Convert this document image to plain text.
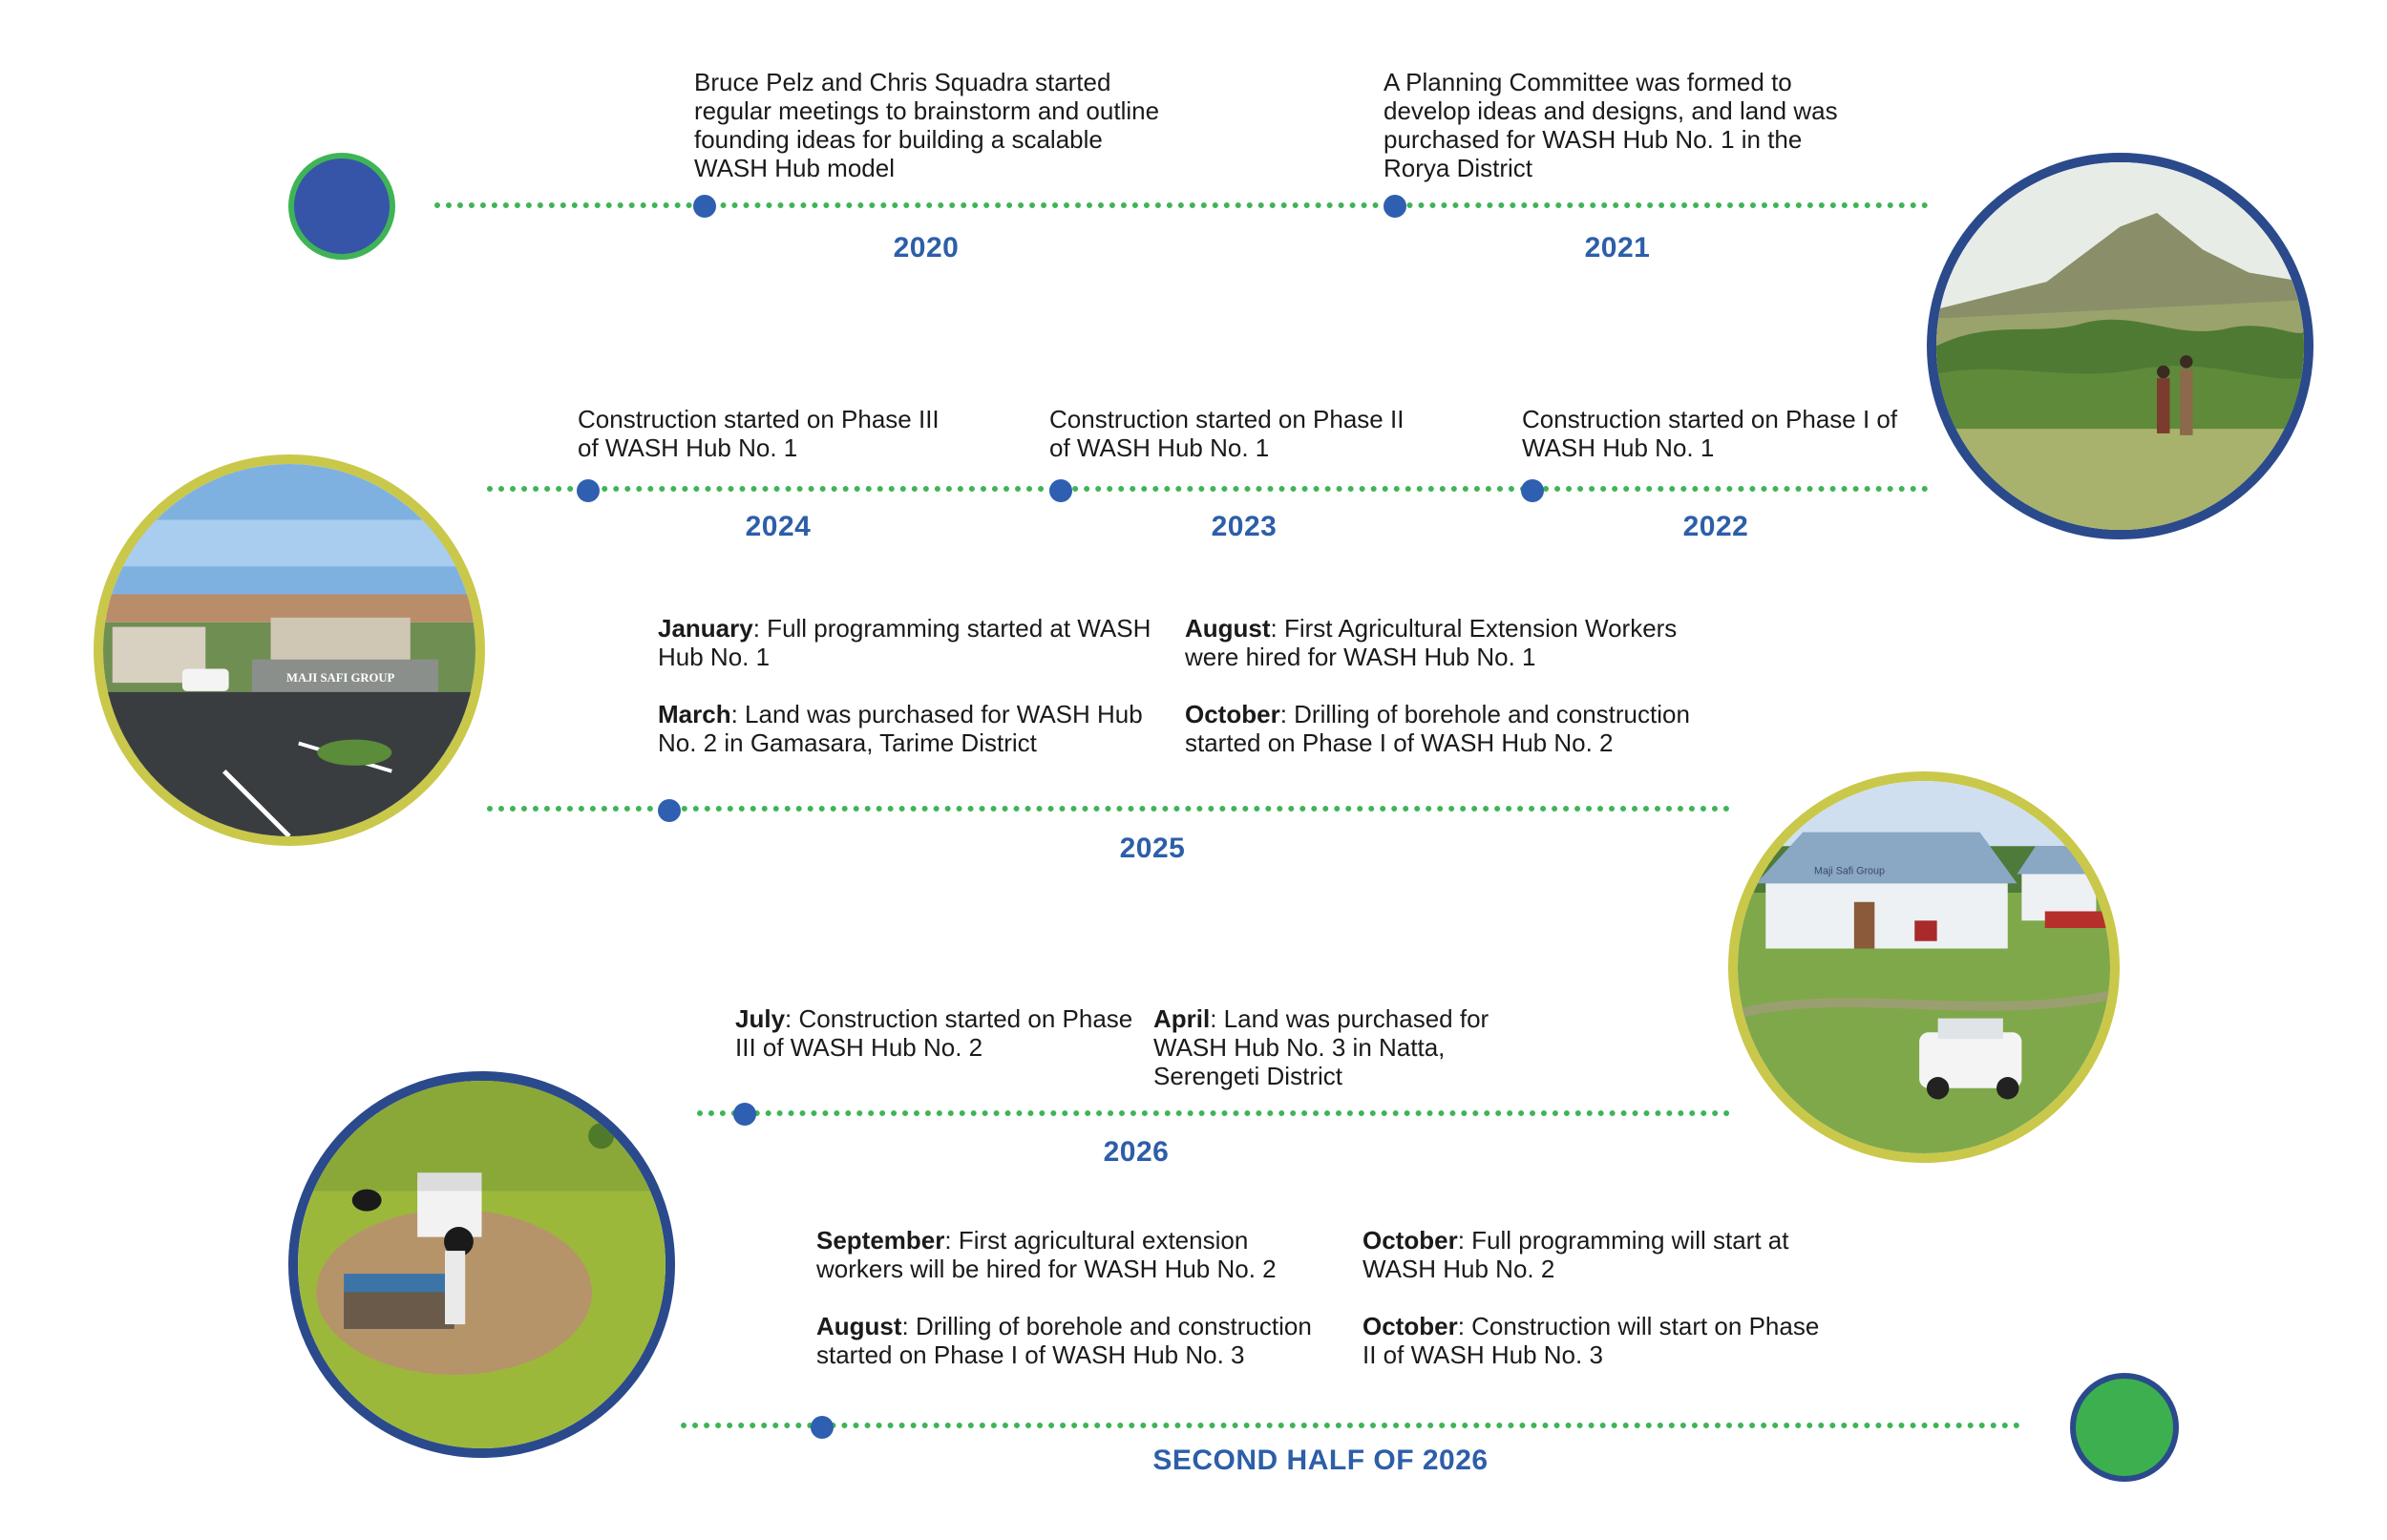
Bruce Pelz and Chris Squadra started regular meetings to brainstorm and outline founding ideas for building a scalable WASH Hub model

A Planning Committee was formed to develop ideas and designs, and land was purchased for WASH Hub No. 1 in the Rorya District

2020	2021

Construction started on Phase III of WASH Hub No. 1

Construction started on Phase II of WASH Hub No. 1

Construction started on Phase I of WASH Hub No. 1

2024	2023	2022

January: Full programming started at WASH Hub No. 1

March: Land was purchased for WASH Hub No. 2 in Gamasara, Tarime District

August: First Agricultural Extension Workers were hired for WASH Hub No. 1

October: Drilling of borehole and construction started on Phase I of WASH Hub No. 2

2025

July: Construction started on Phase III of WASH Hub No. 2

April: Land was purchased for WASH Hub No. 3 in Natta, Serengeti District

2026

September: First agricultural extension workers will be hired for WASH Hub No. 2

August: Drilling of borehole and construction started on Phase I of WASH Hub No. 3

October: Full programming will start at WASH Hub No. 2

October: Construction will start on Phase II of WASH Hub No. 3

SECOND HALF OF 2026
MAJI SAFI GROUP
Maji Safi Group
